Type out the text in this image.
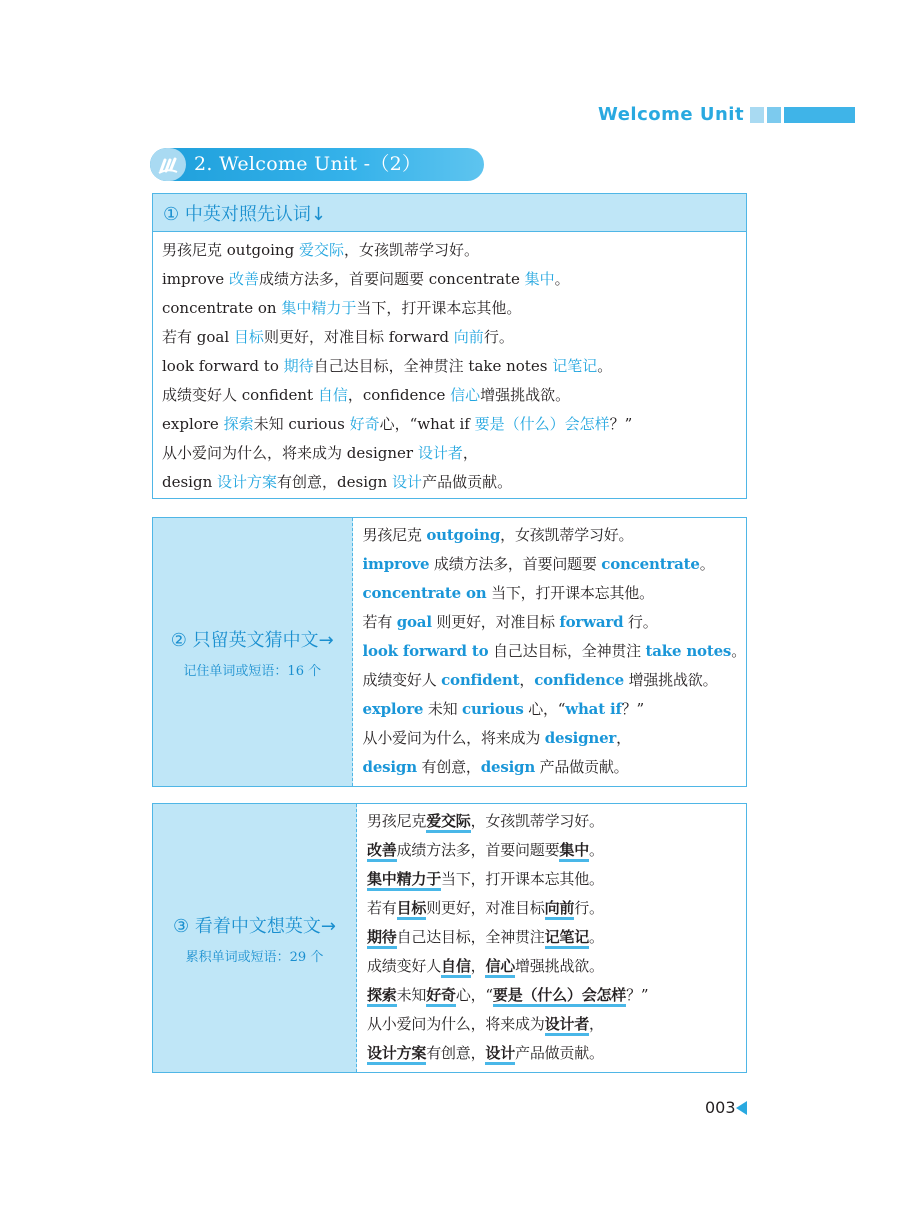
Welcome Unit
2. Welcome Unit -（2）
① 中英对照先认词↓
男孩尼克 outgoing 爱交际，女孩凯蒂学习好。
improve 改善成绩方法多，首要问题要 concentrate 集中。
concentrate on 集中精力于当下，打开课本忘其他。
若有 goal 目标则更好，对准目标 forward 向前行。
look forward to 期待自己达目标，全神贯注 take notes 记笔记。
成绩变好人 confident 自信，confidence 信心增强挑战欲。
explore 探索未知 curious 好奇心，“what if 要是（什么）会怎样？”
从小爱问为什么，将来成为 designer 设计者，
design 设计方案有创意，design 设计产品做贡献。
② 只留英文猜中文→
记住单词或短语：16 个
男孩尼克 outgoing，女孩凯蒂学习好。
improve 成绩方法多，首要问题要 concentrate。
concentrate on 当下，打开课本忘其他。
若有 goal 则更好，对准目标 forward 行。
look forward to 自己达目标，全神贯注 take notes。
成绩变好人 confident，confidence 增强挑战欲。
explore 未知 curious 心，“what if？”
从小爱问为什么，将来成为 designer，
design 有创意，design 产品做贡献。
③ 看着中文想英文→
累积单词或短语：29 个
男孩尼克爱交际，女孩凯蒂学习好。
改善成绩方法多，首要问题要集中。
集中精力于当下，打开课本忘其他。
若有目标则更好，对准目标向前行。
期待自己达目标，全神贯注记笔记。
成绩变好人自信，信心增强挑战欲。
探索未知好奇心，“要是（什么）会怎样？”
从小爱问为什么，将来成为设计者，
设计方案有创意，设计产品做贡献。
003
